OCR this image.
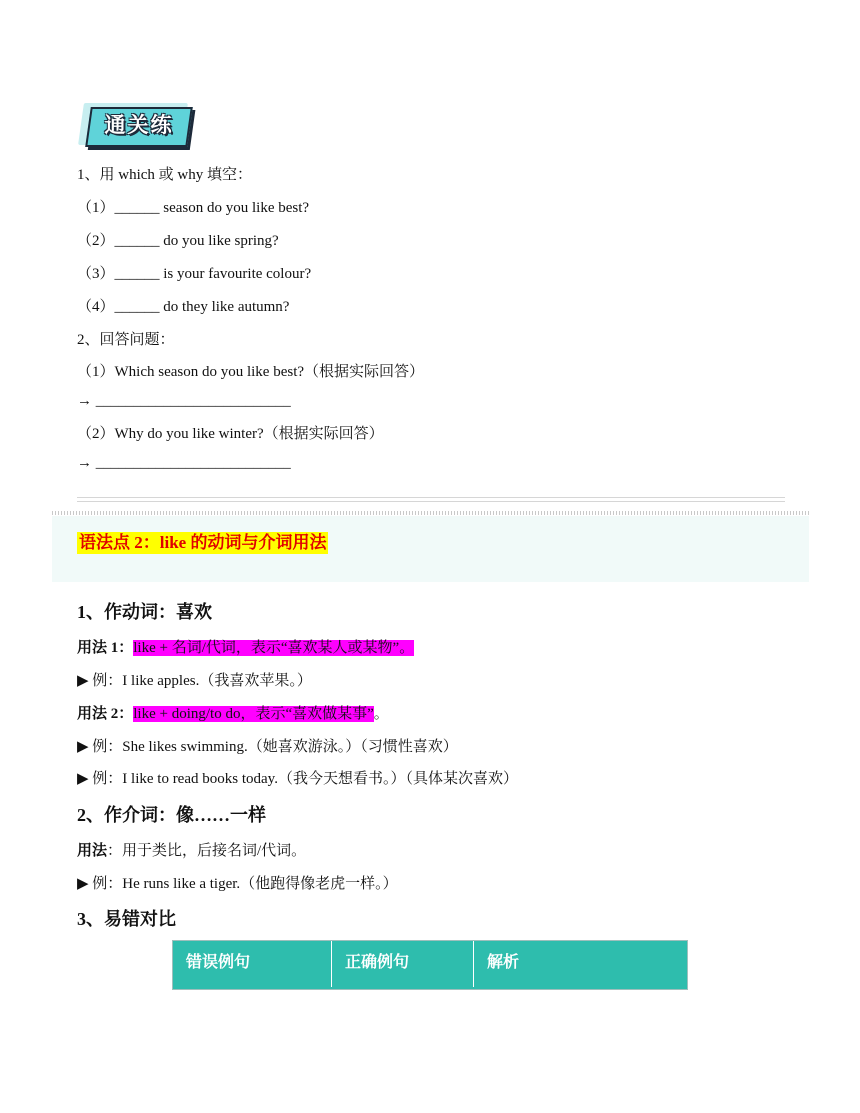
通关练
1、用 which 或 why 填空：
（1）______ season do you like best?
（2）______ do you like spring?
（3）______ is your favourite colour?
（4）______ do they like autumn?
2、回答问题：
（1）Which season do you like best?（根据实际回答）
→ __________________________
（2）Why do you like winter?（根据实际回答）
→ __________________________
语法点 2：like 的动词与介词用法
1、作动词：喜欢
用法 1：like + 名词/代词，表示“喜欢某人或某物”。
▶ 例：I like apples.（我喜欢苹果。）
用法 2：like + doing/to do，表示“喜欢做某事”。
▶ 例：She likes swimming.（她喜欢游泳。）（习惯性喜欢）
▶ 例：I like to read books today.（我今天想看书。）（具体某次喜欢）
2、作介词：像……一样
用法：用于类比，后接名词/代词。
▶ 例：He runs like a tiger.（他跑得像老虎一样。）
3、易错对比
错误例句	正确例句	解析
